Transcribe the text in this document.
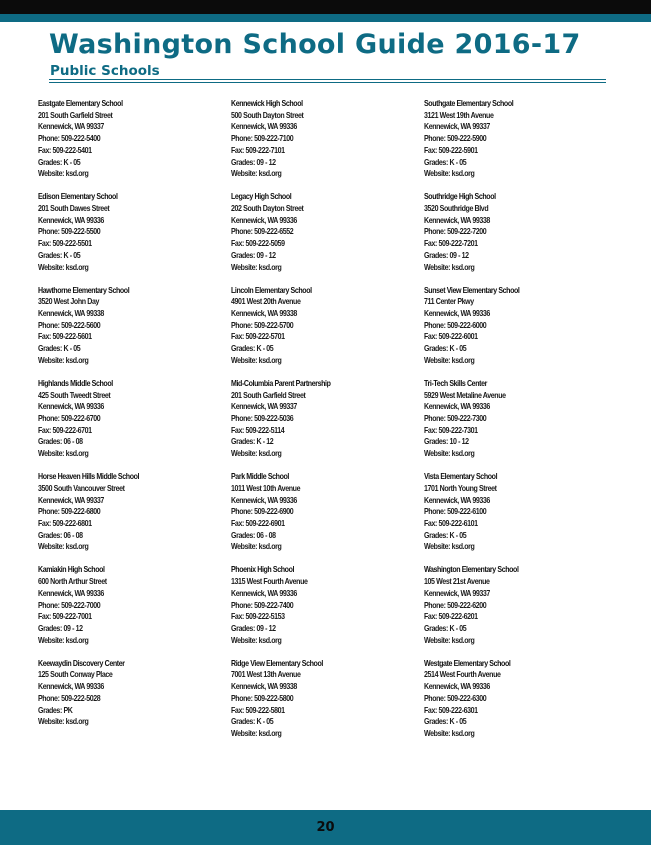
Washington School Guide 2016-17
Public Schools
Eastgate Elementary School
201 South Garfield Street
Kennewick, WA 99337
Phone: 509-222-5400
Fax: 509-222-5401
Grades: K - 05
Website: ksd.org
Edison Elementary School
201 South Dawes Street
Kennewick, WA 99336
Phone: 509-222-5500
Fax: 509-222-5501
Grades: K - 05
Website: ksd.org
Hawthorne Elementary School
3520 West John Day
Kennewick, WA 99338
Phone: 509-222-5600
Fax: 509-222-5601
Grades: K - 05
Website: ksd.org
Highlands Middle School
425 South Tweedt Street
Kennewick, WA 99336
Phone: 509-222-6700
Fax: 509-222-6701
Grades: 06 - 08
Website: ksd.org
Horse Heaven Hills Middle School
3500 South Vancouver Street
Kennewick, WA 99337
Phone: 509-222-6800
Fax: 509-222-6801
Grades: 06 - 08
Website: ksd.org
Kamiakin High School
600 North Arthur Street
Kennewick, WA 99336
Phone: 509-222-7000
Fax: 509-222-7001
Grades: 09 - 12
Website: ksd.org
Keewaydin Discovery Center
125 South Conway Place
Kennewick, WA 99336
Phone: 509-222-5028
Grades: PK
Website: ksd.org
Kennewick High School
500 South Dayton Street
Kennewick, WA 99336
Phone: 509-222-7100
Fax: 509-222-7101
Grades: 09 - 12
Website: ksd.org
Legacy High School
202 South Dayton Street
Kennewick, WA 99336
Phone: 509-222-6552
Fax: 509-222-5059
Grades: 09 - 12
Website: ksd.org
Lincoln Elementary School
4901 West 20th Avenue
Kennewick, WA 99338
Phone: 509-222-5700
Fax: 509-222-5701
Grades: K - 05
Website: ksd.org
Mid-Columbia Parent Partnership
201 South Garfield Street
Kennewick, WA 99337
Phone: 509-222-5036
Fax: 509-222-5114
Grades: K - 12
Website: ksd.org
Park Middle School
1011 West 10th Avenue
Kennewick, WA 99336
Phone: 509-222-6900
Fax: 509-222-6901
Grades: 06 - 08
Website: ksd.org
Phoenix High School
1315 West Fourth Avenue
Kennewick, WA 99336
Phone: 509-222-7400
Fax: 509-222-5153
Grades: 09 - 12
Website: ksd.org
Ridge View Elementary School
7001 West 13th Avenue
Kennewick, WA 99338
Phone: 509-222-5800
Fax: 509-222-5801
Grades: K - 05
Website: ksd.org
Southgate Elementary School
3121 West 19th Avenue
Kennewick, WA 99337
Phone: 509-222-5900
Fax: 509-222-5901
Grades: K - 05
Website: ksd.org
Southridge High School
3520 Southridge Blvd
Kennewick, WA 99338
Phone: 509-222-7200
Fax: 509-222-7201
Grades: 09 - 12
Website: ksd.org
Sunset View Elementary School
711 Center Pkwy
Kennewick, WA 99336
Phone: 509-222-6000
Fax: 509-222-6001
Grades: K - 05
Website: ksd.org
Tri-Tech Skills Center
5929 West Metaline Avenue
Kennewick, WA 99336
Phone: 509-222-7300
Fax: 509-222-7301
Grades: 10 - 12
Website: ksd.org
Vista Elementary School
1701 North Young Street
Kennewick, WA 99336
Phone: 509-222-6100
Fax: 509-222-6101
Grades: K - 05
Website: ksd.org
Washington Elementary School
105 West 21st Avenue
Kennewick, WA 99337
Phone: 509-222-6200
Fax: 509-222-6201
Grades: K - 05
Website: ksd.org
Westgate Elementary School
2514 West Fourth Avenue
Kennewick, WA 99336
Phone: 509-222-6300
Fax: 509-222-6301
Grades: K - 05
Website: ksd.org
20
